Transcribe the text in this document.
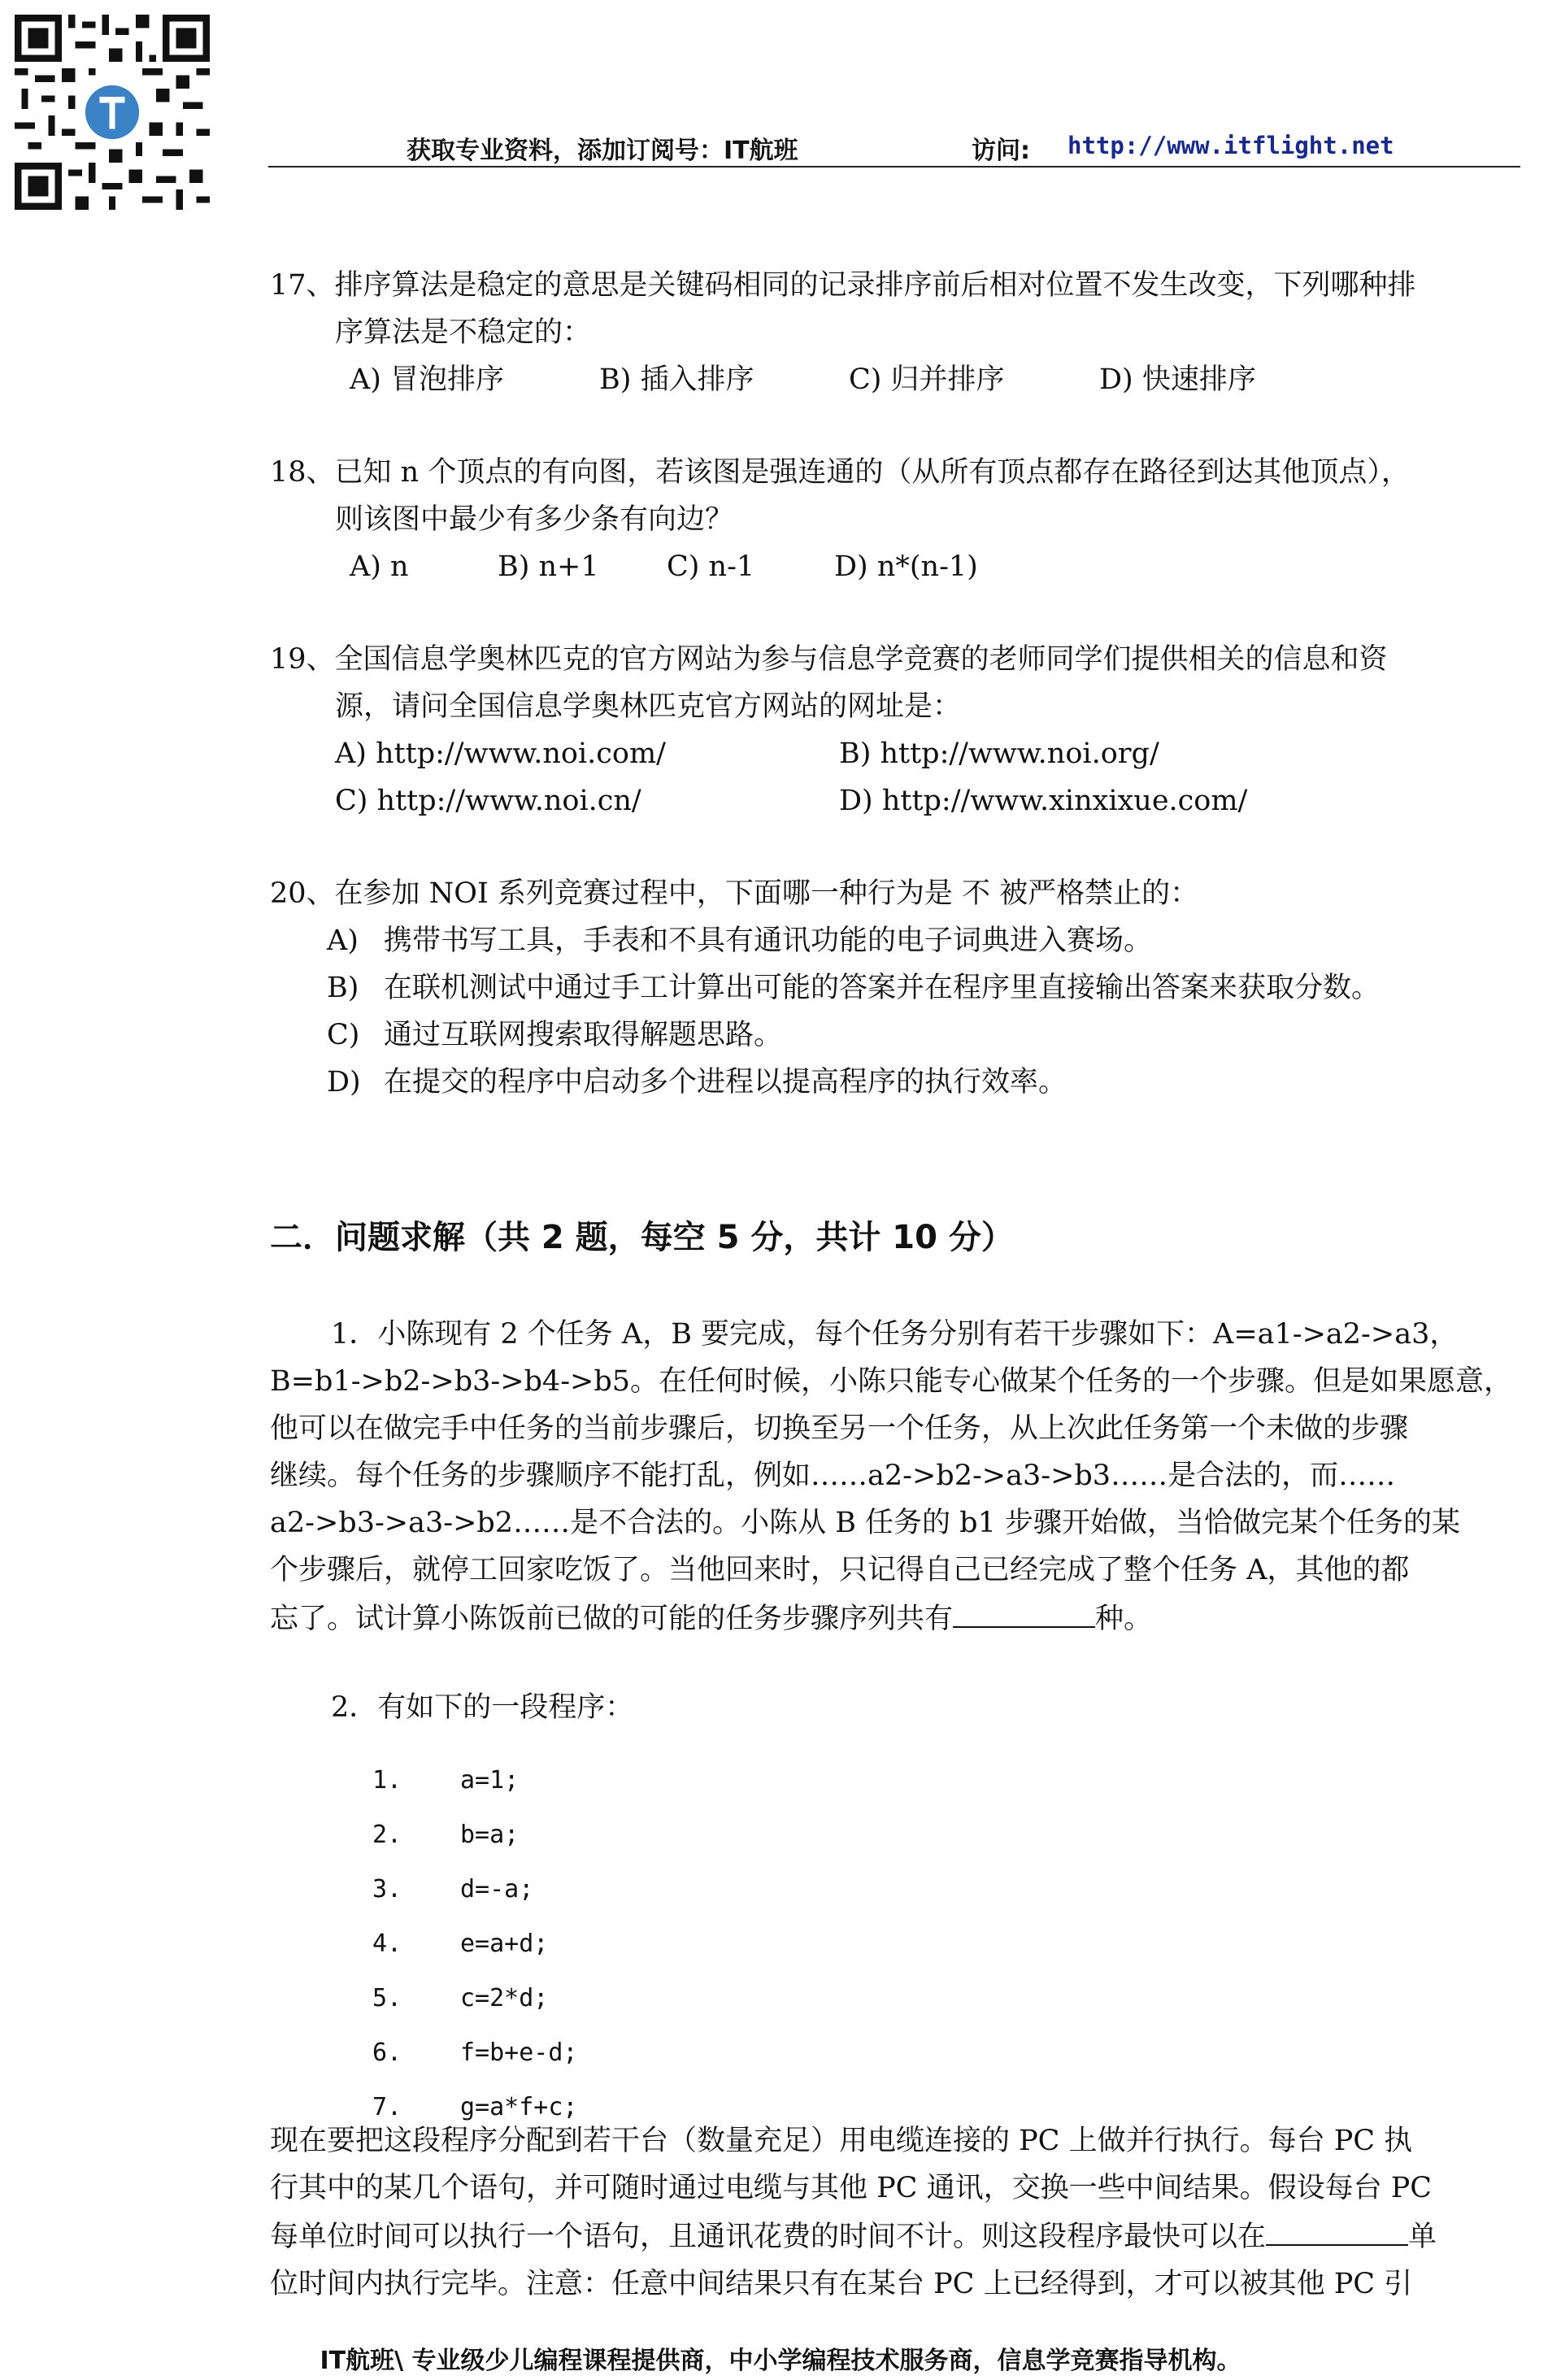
获取专业资料，添加订阅号：IT航班	访问: http://www.itflight.net
17、排序算法是稳定的意思是关键码相同的记录排序前后相对位置不发生改变，下列哪种排
序算法是不稳定的：
A) 冒泡排序	B) 插入排序	C) 归并排序	D) 快速排序
18、已知 n 个顶点的有向图，若该图是强连通的（从所有顶点都存在路径到达其他顶点），
则该图中最少有多少条有向边？
A) n	B) n+1 C) n-1	D) n*(n-1)
19、全国信息学奥林匹克的官方网站为参与信息学竞赛的老师同学们提供相关的信息和资
源，请问全国信息学奥林匹克官方网站的网址是：
A) http://www.noi.com/	B) http://www.noi.org/
C) http://www.noi.cn/	D) http://www.xinxixue.com/
20、在参加 NOI 系列竞赛过程中，下面哪一种行为是 不 被严格禁止的：
A) 携带书写工具，手表和不具有通讯功能的电子词典进入赛场。
B) 在联机测试中通过手工计算出可能的答案并在程序里直接输出答案来获取分数。
C) 通过互联网搜索取得解题思路。
D) 在提交的程序中启动多个进程以提高程序的执行效率。
二．问题求解（共 2 题，每空 5 分，共计 10 分）
1．小陈现有 2 个任务 A，B 要完成，每个任务分别有若干步骤如下：A=a1->a2->a3，
B=b1->b2->b3->b4->b5。在任何时候，小陈只能专心做某个任务的一个步骤。但是如果愿意，
他可以在做完手中任务的当前步骤后，切换至另一个任务，从上次此任务第一个未做的步骤
继续。每个任务的步骤顺序不能打乱，例如……a2->b2->a3->b3……是合法的，而……
a2->b3->a3->b2……是不合法的。小陈从 B 任务的 b1 步骤开始做，当恰做完某个任务的某
个步骤后，就停工回家吃饭了。当他回来时，只记得自己已经完成了整个任务 A，其他的都
忘了。试计算小陈饭前已做的可能的任务步骤序列共有	种。
2．有如下的一段程序：
1. a=1;
2. b=a;
3. d=-a;
4. e=a+d;
5. c=2*d;
6. f=b+e-d;
7. g=a*f+c;
现在要把这段程序分配到若干台（数量充足）用电缆连接的 PC 上做并行执行。每台 PC 执
行其中的某几个语句，并可随时通过电缆与其他 PC 通讯，交换一些中间结果。假设每台 PC
每单位时间可以执行一个语句，且通讯花费的时间不计。则这段程序最快可以在	单
位时间内执行完毕。注意：任意中间结果只有在某台 PC 上已经得到，才可以被其他 PC 引
IT航班\ 专业级少儿编程课程提供商，中小学编程技术服务商，信息学竞赛指导机构。
